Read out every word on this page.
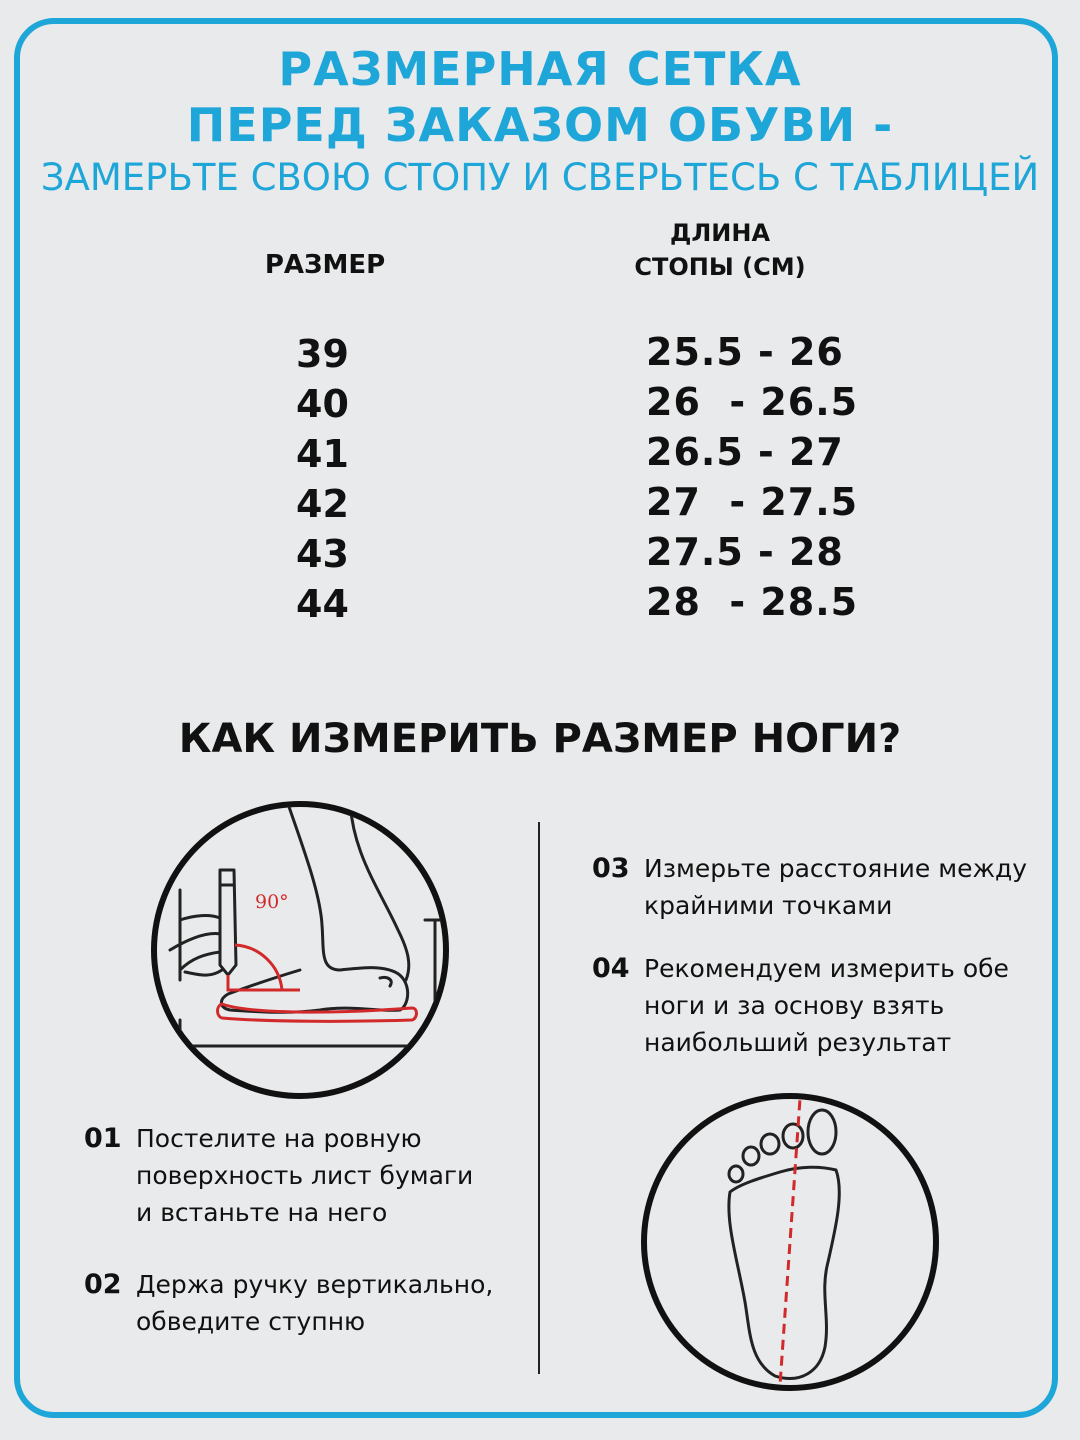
РАЗМЕРНАЯ СЕТКА
ПЕРЕД ЗАКАЗОМ ОБУВИ -

ЗАМЕРЬТЕ СВОЮ СТОПУ И СВЕРЬТЕСЬ С ТАБЛИЦЕЙ

РАЗМЕР
ДЛИНА
СТОПЫ (СМ)
39	25.5 - 26
40	26  - 26.5
41	26.5 - 27
42	27  - 27.5
43	27.5 - 28
44	28  - 28.5
КАК ИЗМЕРИТЬ РАЗМЕР НОГИ?
90°
01 Постелите на ровную
поверхность лист бумаги
и встаньте на него
02 Держа ручку вертикально,
обведите ступню
03 Измерьте расстояние между
крайними точками
04 Рекомендуем измерить обе
ноги и за основу взять
наибольший результат
